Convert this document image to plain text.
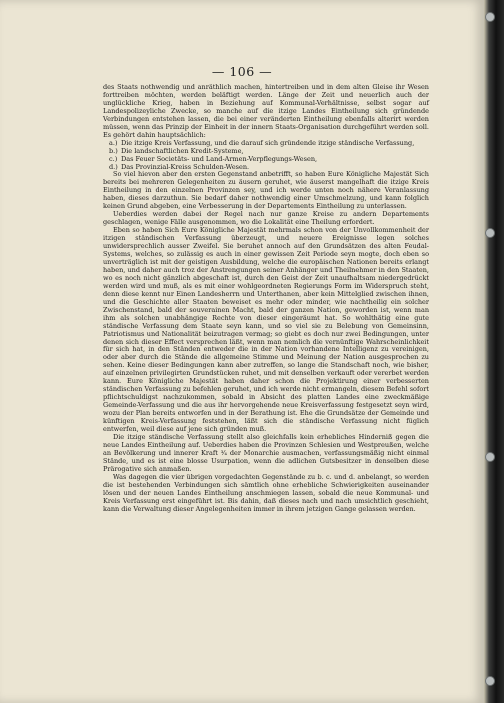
— 106 —

des Staats nothwendig und anräthlich machen, hintertreiben und in dem alten Gleise ihr Wesen forttreiben möchten, werden beläftigt werden. Länge der Zeit und neuerlich auch der unglückliche Krieg, haben in Beziehung auf Kommunal-Verhältnisse, selbst sogar auf Landespolizeyliche Zwecke, so manche auf die itzige Landes Eintheilung sich gründende Verbindungen entstehen lassen, die bei einer veränderten Eintheilung ebenfalls alterirt werden müssen, wenn das Prinzip der Einheit in der innern Staats-Organisation durchgeführt werden soll. Es gehört dahin hauptsächlich:

a.) Die itzige Kreis Verfassung, und die darauf sich gründende itzige ständische Verfassung,
b.) Die landschaftlichen Kredit-Systeme,
c.) Das Feuer Societäts- und Land-Armen-Verpflegungs-Wesen,
d.) Das Provinzial-Kreiss Schulden-Wesen.

So viel hievon aber den ersten Gegenstand anbetrifft, so haben Eure Königliche Majestät Sich bereits bei mehreren Gelegenheiten zu äusern geruhet, wie äuserst mangelhaft die itzige Kreis Eintheilung in den einzelnen Provinzen sey, und ich werde unten noch nähere Veranlassung haben, dieses darzuthun. Sie bedarf daher nothwendig einer Umschmelzung, und kann folglich keinen Grund abgeben, eine Verbesserung in der Departements Eintheilung zu unterlassen.

Ueberdies werden dabei der Regel nach nur ganze Kreise zu andern Departements geschlagen, wenige Fälle ausgenommen, wo die Lokalität eine Theilung erfordert.

Eben so haben Sich Eure Königliche Majestät mehrmals schon von der Unvollkommenheit der itzigen ständischen Verfassung überzeugt, und neuere Ereignisse legen solches unwidersprechlich ausser Zweifel. Sie beruhet annoch auf den Grundsätzen des alten Feudal-Systems, welches, so zulässig es auch in einer gewissen Zeit Periode seyn mogte, doch eben so unverträglich ist mit der geistigen Ausbildung, welche die europäischen Nationen bereits erlangt haben, und daher auch troz der Anstrengungen seiner Anhänger und Theilnehmer in den Staaten, wo es noch nicht gänzlich abgeschaft ist, durch den Geist der Zeit unaufhaltsam niedergedrückt werden wird und muß, als es mit einer wohlgeordneten Regierungs Form im Widerspruch steht, denn diese kennt nur Einen Landesherrn und Unterthanen, aber kein Mittelglied zwischen ihnen, und die Geschichte aller Staaten beweiset es mehr oder minder, wie nachtheilig ein solcher Zwischenstand, bald der souverainen Macht, bald der ganzen Nation, geworden ist, wenn man ihm als solchen unabhängige Rechte von dieser eingeräumt hat. So wohlthätig eine gute ständische Verfassung dem Staate seyn kann, und so viel sie zu Belebung von Gemeinsinn, Patriotismus und Nationalität beizutragen vermag; so giebt es doch nur zwei Bedingungen, unter denen sich dieser Effect versprechen läßt, wenn man nemlich die vernünftige Wahrscheinlichkeit für sich hat, in den Ständen entweder die in der Nation vorhandene Intelligenz zu vereinigen, oder aber durch die Stände die allgemeine Stimme und Meinung der Nation ausgesprochen zu sehen. Keine dieser Bedingungen kann aber zutreffen, so lange die Standschaft noch, wie bisher, auf einzelnen privilegirten Grundstücken ruhet, und mit denselben verkauft oder vererbet werden kann. Eure Königliche Majestät haben daher schon die Projektirung einer verbesserten ständischen Verfassung zu befehlen geruhet, und ich werde nicht ermangeln, diesem Befehl sofort pflichtschuldigst nachzukommen, sobald in Absicht des platten Landes eine zweckmäßige Gemeinde-Verfassung und die aus ihr hervorgehende neue Kreisverfassung festgesetzt seyn wird, wozu der Plan bereits entworfen und in der Berathung ist. Ehe die Grundsätze der Gemeinde und künftigen Kreis-Verfassung feststehen, läßt sich die ständische Verfassung nicht füglich entwerfen, weil diese auf jene sich gründen muß.

Die itzige ständische Verfassung stellt also gleichfalls kein erhebliches Hinderniß gegen die neue Landes Eintheilung auf. Ueberdies haben die Provinzen Schlesien und Westpreußen, welche an Bevölkerung und innerer Kraft ³⁄₄ der Monarchie ausmachen, verfassungsmäßig nicht einmal Stände, und es ist eine blosse Usurpation, wenn die adlichen Gutsbesitzer in denselben diese Prärogative sich anmaßen.

Was dagegen die vier übrigen vorgedachten Gegenstände zu b. c. und d. anbelangt, so werden die ist bestehenden Verbindungen sich sämtlich ohne erhebliche Schwierigkeiten auseinander lösen und der neuen Landes Eintheilung anschmiegen lassen, sobald die neue Kommunal- und Kreis Verfassung erst eingeführt ist. Bis dahin, daß dieses nach und nach umsichtlich geschieht, kann die Verwaltung dieser Angelegenheiten immer in ihrem jetzigen Gange gelassen werden.
